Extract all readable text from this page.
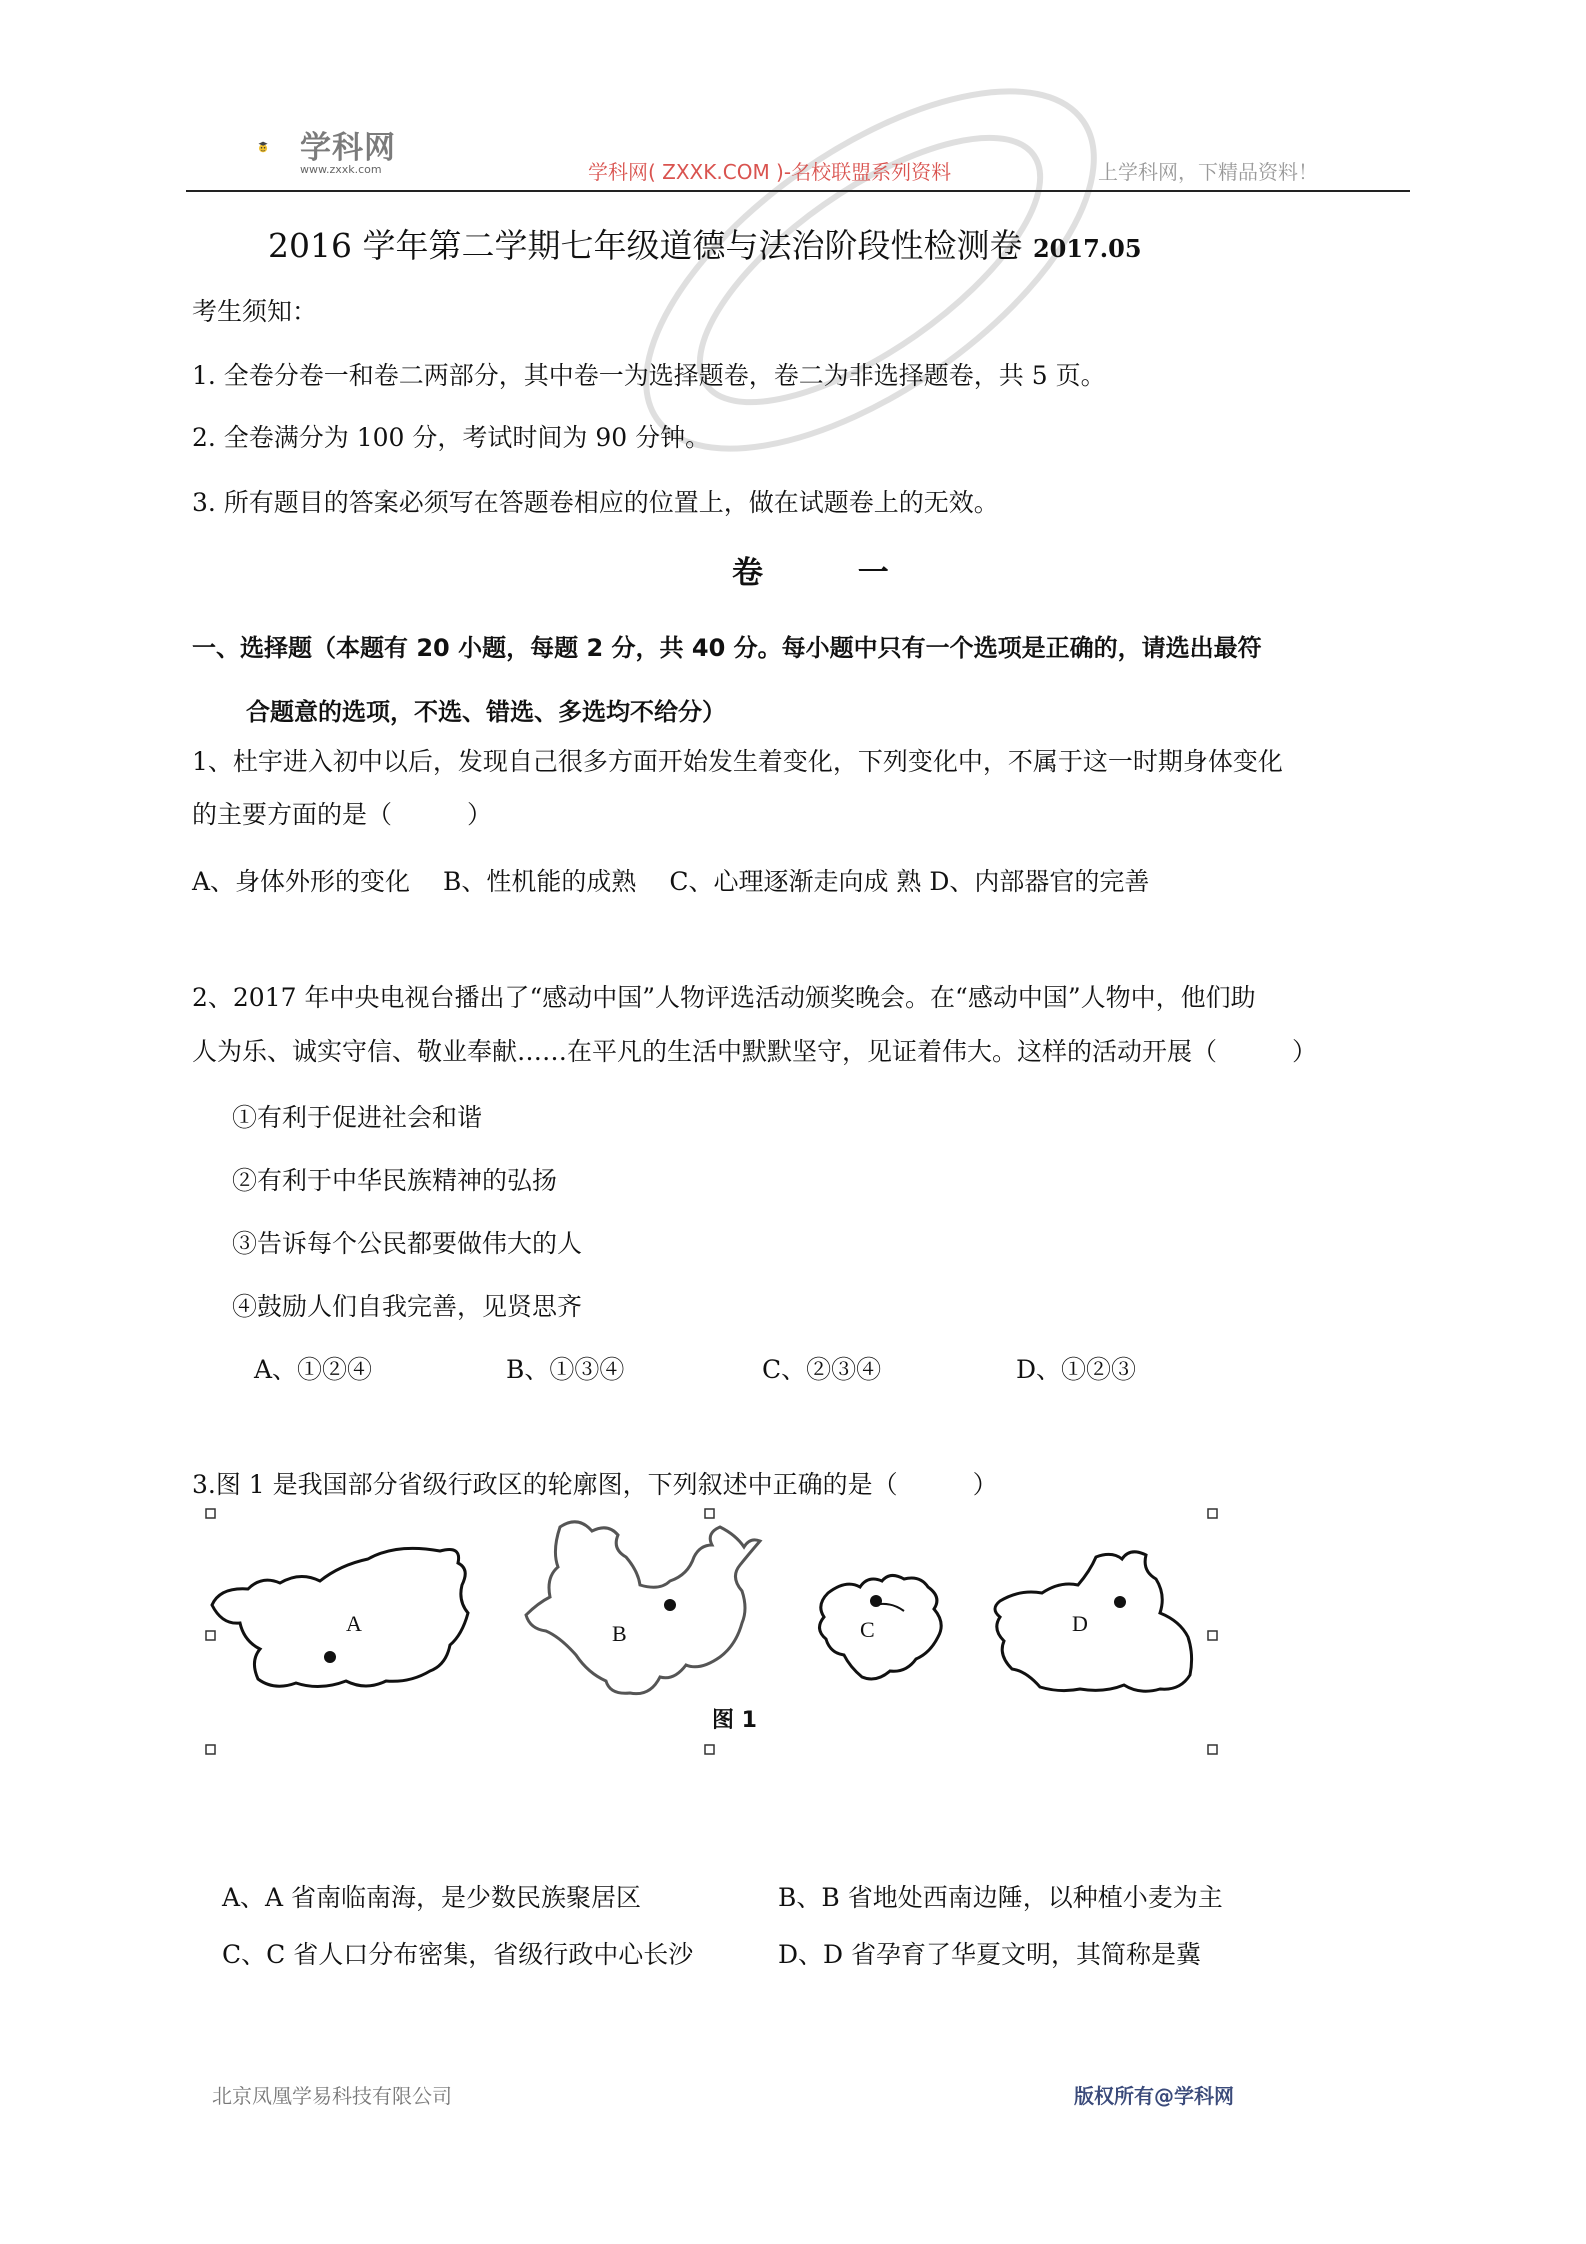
学科网
www.zxxk.com	学科网( ZXXK.COM )-名校联盟系列资料	上学科网，下精品资料！
2016 学年第二学期七年级道德与法治阶段性检测卷 2017.05
考生须知：
1. 全卷分卷一和卷二两部分，其中卷一为选择题卷，卷二为非选择题卷，共 5 页。
2. 全卷满分为 100 分，考试时间为 90 分钟。
3. 所有题目的答案必须写在答题卷相应的位置上，做在试题卷上的无效。
卷 一
一、选择题（本题有 20 小题，每题 2 分，共 40 分。每小题中只有一个选项是正确的，请选出最符
合题意的选项，不选、错选、多选均不给分）
1、杜宇进入初中以后，发现自己很多方面开始发生着变化，下列变化中，不属于这一时期身体变化
的主要方面的是（　　　）
A、身体外形的变化　 B、性机能的成熟　 C、心理逐渐走向成 熟 D、内部器官的完善
2、2017 年中央电视台播出了“感动中国”人物评选活动颁奖晚会。在“感动中国”人物中，他们助
人为乐、诚实守信、敬业奉献……在平凡的生活中默默坚守，见证着伟大。这样的活动开展（　　　）
①有利于促进社会和谐
②有利于中华民族精神的弘扬
③告诉每个公民都要做伟大的人
④鼓励人们自我完善，见贤思齐
A、①②④	B、①③④	C、②③④	D、①②③
3.图 1 是我国部分省级行政区的轮廓图，下列叙述中正确的是（　　　）
A	B	C	D
图 1
A、A 省南临南海，是少数民族聚居区	B、B 省地处西南边陲，以种植小麦为主
C、C 省人口分布密集，省级行政中心长沙	D、D 省孕育了华夏文明，其简称是冀
北京凤凰学易科技有限公司	版权所有@学科网
